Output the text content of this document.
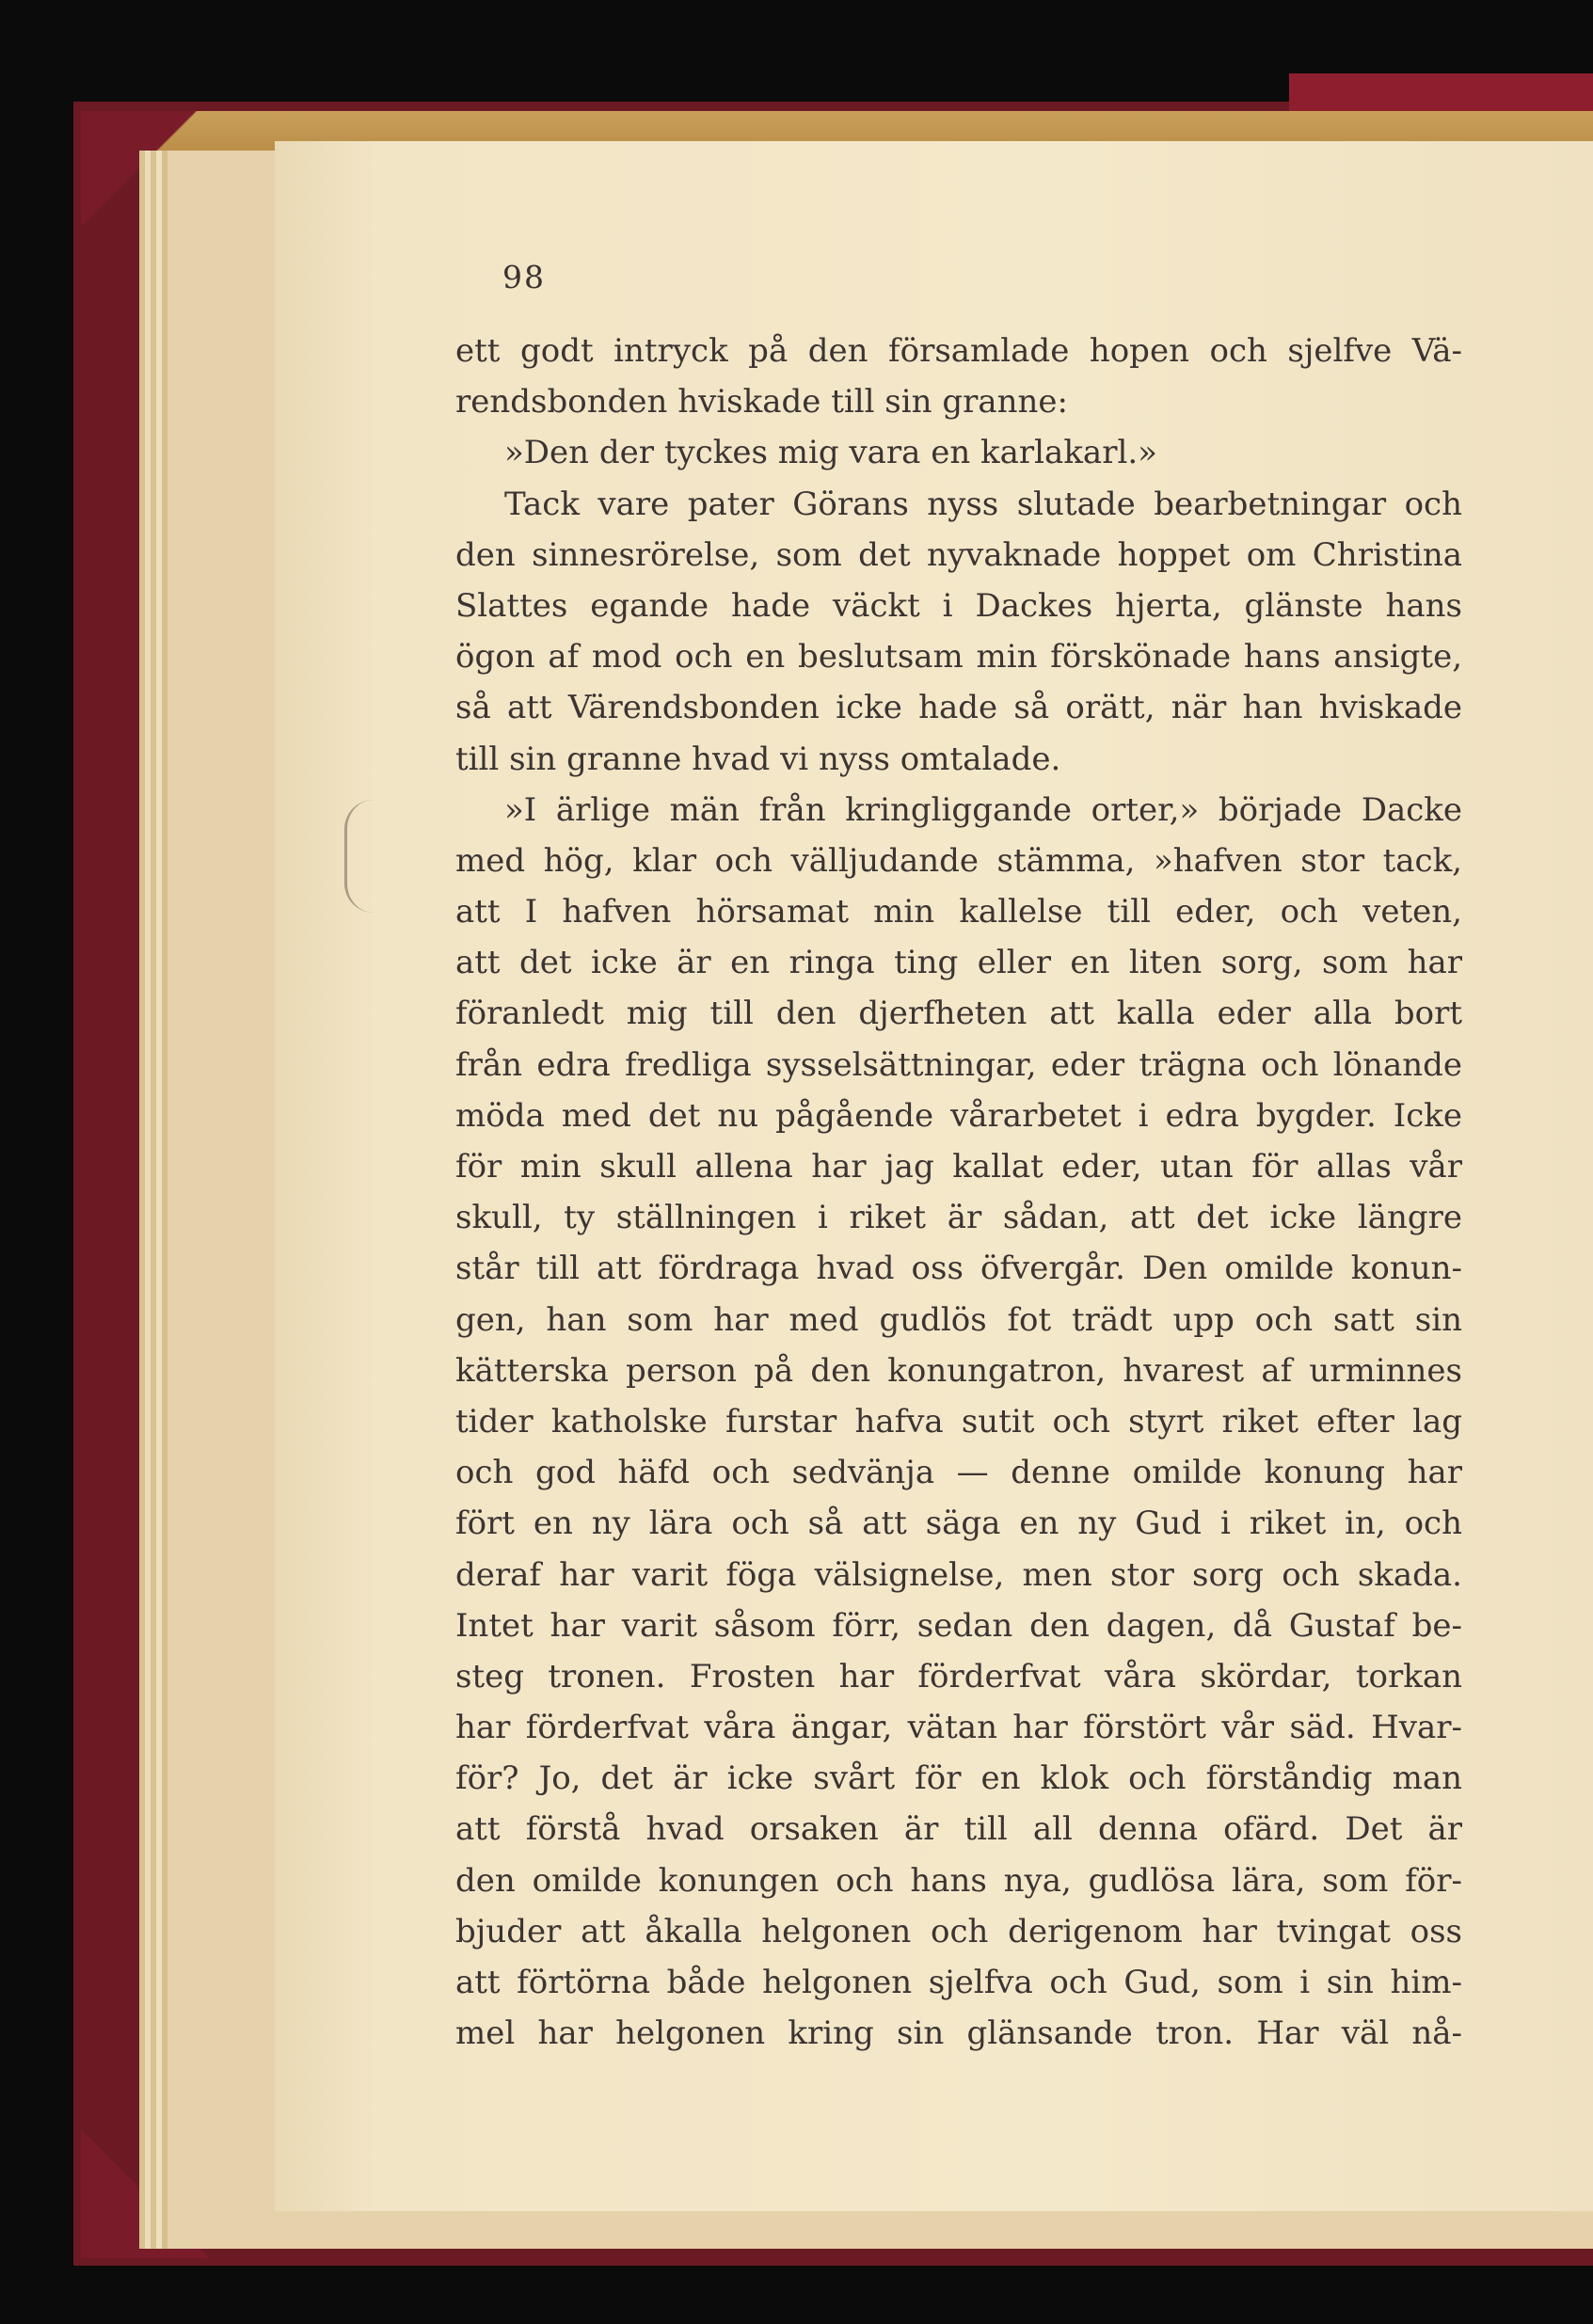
98
ett godt intryck på den församlade hopen och sjelfve Vä-
rendsbonden hviskade till sin granne:
»Den der tyckes mig vara en karlakarl.»
Tack vare pater Görans nyss slutade bearbetningar och
den sinnesrörelse, som det nyvaknade hoppet om Christina
Slattes egande hade väckt i Dackes hjerta, glänste hans
ögon af mod och en beslutsam min förskönade hans ansigte,
så att Värendsbonden icke hade så orätt, när han hviskade
till sin granne hvad vi nyss omtalade.
»I ärlige män från kringliggande orter,» började Dacke
med hög, klar och välljudande stämma, »hafven stor tack,
att I hafven hörsamat min kallelse till eder, och veten,
att det icke är en ringa ting eller en liten sorg, som har
föranledt mig till den djerfheten att kalla eder alla bort
från edra fredliga sysselsättningar, eder trägna och lönande
möda med det nu pågående vårarbetet i edra bygder. Icke
för min skull allena har jag kallat eder, utan för allas vår
skull, ty ställningen i riket är sådan, att det icke längre
står till att fördraga hvad oss öfvergår. Den omilde konun-
gen, han som har med gudlös fot trädt upp och satt sin
kätterska person på den konungatron, hvarest af urminnes
tider katholske furstar hafva sutit och styrt riket efter lag
och god häfd och sedvänja — denne omilde konung har
fört en ny lära och så att säga en ny Gud i riket in, och
deraf har varit föga välsignelse, men stor sorg och skada.
Intet har varit såsom förr, sedan den dagen, då Gustaf be-
steg tronen. Frosten har förderfvat våra skördar, torkan
har förderfvat våra ängar, vätan har förstört vår säd. Hvar-
för? Jo, det är icke svårt för en klok och förståndig man
att förstå hvad orsaken är till all denna ofärd. Det är
den omilde konungen och hans nya, gudlösa lära, som för-
bjuder att åkalla helgonen och derigenom har tvingat oss
att förtörna både helgonen sjelfva och Gud, som i sin him-
mel har helgonen kring sin glänsande tron. Har väl nå-
